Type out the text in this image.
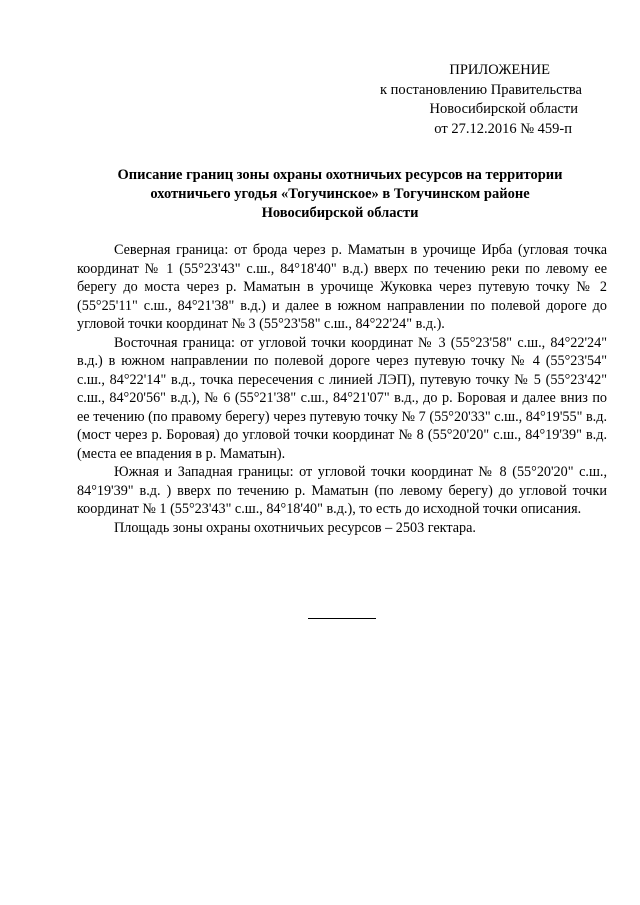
ПРИЛОЖЕНИЕ
к постановлению Правительства
Новосибирской области
от 27.12.2016 № 459-п
Описание границ зоны охраны охотничьих ресурсов на территории
охотничьего угодья «Тогучинское» в Тогучинском районе
Новосибирской области

Северная граница: от брода через р. Маматын в урочище Ирба (угловая точка координат № 1 (55°23'43" с.ш., 84°18'40" в.д.) вверх по течению реки по левому ее берегу до моста через р. Маматын в урочище Жуковка через путевую точку № 2 (55°25'11" с.ш., 84°21'38" в.д.) и далее в южном направлении по полевой дороге до угловой точки координат № 3 (55°23'58" с.ш., 84°22'24" в.д.).

Восточная граница: от угловой точки координат № 3 (55°23'58" с.ш., 84°22'24" в.д.) в южном направлении по полевой дороге через путевую точку № 4 (55°23'54" с.ш., 84°22'14" в.д., точка пересечения с линией ЛЭП), путевую точку № 5 (55°23'42" с.ш., 84°20'56" в.д.), № 6 (55°21'38" с.ш., 84°21'07" в.д., до р. Боровая и далее вниз по ее течению (по правому берегу) через путевую точку № 7 (55°20'33" с.ш., 84°19'55" в.д. (мост через р. Боровая) до угловой точки координат № 8 (55°20'20" с.ш., 84°19'39" в.д. (места ее впадения в р. Маматын).

Южная и Западная границы: от угловой точки координат № 8 (55°20'20" с.ш., 84°19'39" в.д. ) вверх по течению р. Маматын (по левому берегу) до угловой точки координат № 1 (55°23'43" с.ш., 84°18'40" в.д.), то есть до исходной точки описания.

Площадь зоны охраны охотничьих ресурсов – 2503 гектара.
